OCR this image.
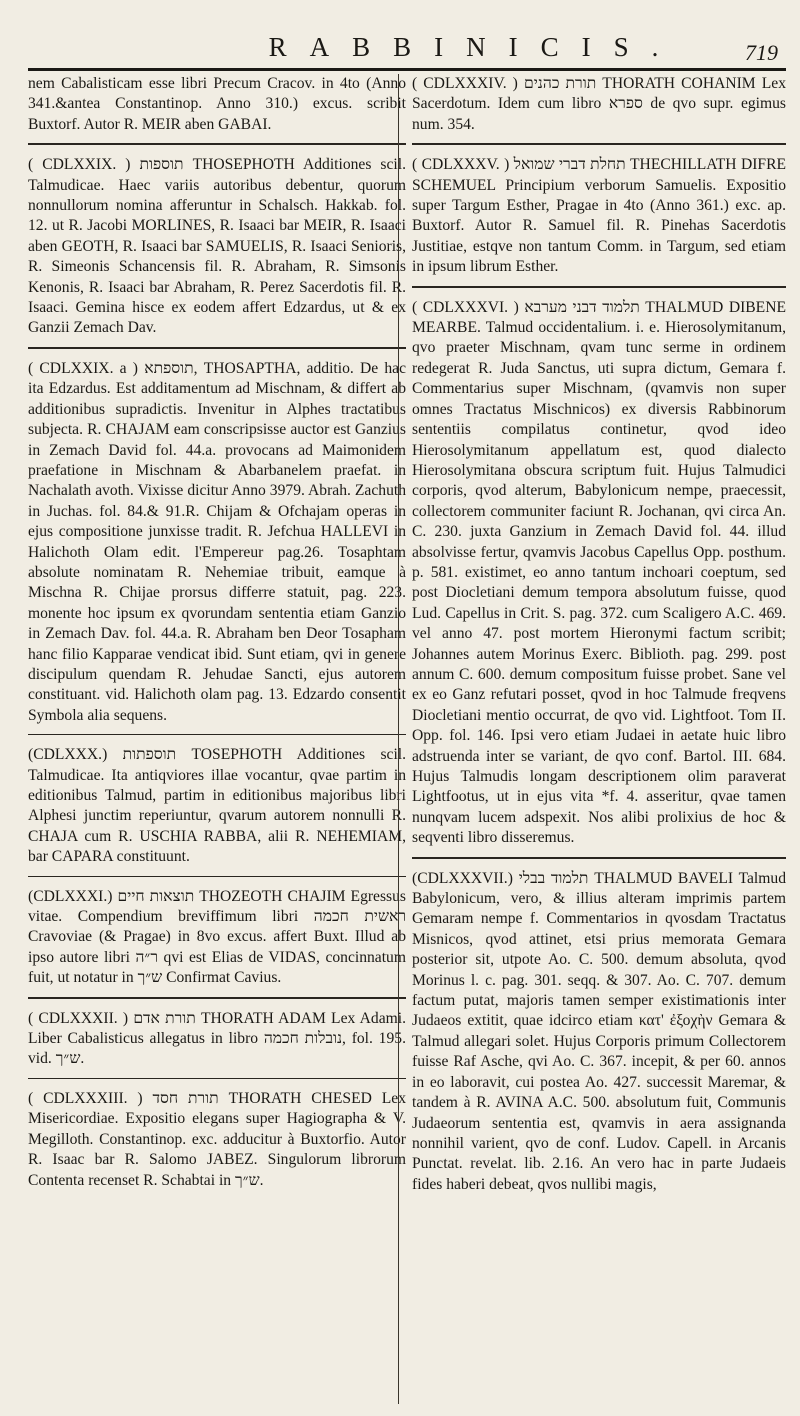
RABBINICIS.	719

nem Cabalisticam esse libri Precum Cracov. in 4to (Anno 341.&antea Constantinop. Anno 310.) excus. scribit Buxtorf. Autor R. MEIR aben GABAI.

( CDLXXIX. ) תוספות THOSEPHOTH Additiones scil. Talmudicae. Haec variis autoribus debentur, quorum nonnullorum nomina afferuntur in Schalsch. Hakkab. fol. 12. ut R. Jacobi MORLINES, R. Isaaci bar MEIR, R. Isaaci aben GEOTH, R. Isaaci bar SAMUELIS, R. Isaaci Senioris, R. Simeonis Schancensis fil. R. Abraham, R. Simsonis Kenonis, R. Isaaci bar Abraham, R. Perez Sacerdotis fil. R. Isaaci. Gemina hisce ex eodem affert Edzardus, ut & ex Ganzii Zemach Dav.

( CDLXXIX. a ) תוספתא, THOSAPTHA, additio. De hac ita Edzardus. Est additamentum ad Mischnam, & differt ab additionibus supradictis. Invenitur in Alphes tractatibus subjecta. R. CHAJAM eam conscripsisse auctor est Ganzius in Zemach David fol. 44.a. provocans ad Maimonidem praefatione in Mischnam & Abarbanelem praefat. in Nachalath avoth. Vixisse dicitur Anno 3979. Abrah. Zachuth in Juchas. fol. 84.& 91.R. Chijam & Ofchajam operas in ejus compositione junxisse tradit. R. Jefchua HALLEVI in Halichoth Olam edit. l'Empereur pag.26. Tosaphtam absolute nominatam R. Nehemiae tribuit, eamque à Mischna R. Chijae prorsus differre statuit, pag. 223. monente hoc ipsum ex qvorundam sententia etiam Ganzio in Zemach Dav. fol. 44.a. R. Abraham ben Deor Tosapham hanc filio Kapparae vendicat ibid. Sunt etiam, qvi in genere discipulum quendam R. Jehudae Sancti, ejus autorem constituant. vid. Halichoth olam pag. 13. Edzardo consentit Symbola alia sequens.

(CDLXXX.) תוספתות TOSEPHOTH Additiones scil. Talmudicae. Ita antiqviores illae vocantur, qvae partim in editionibus Talmud, partim in editionibus majoribus libri Alphesi junctim reperiuntur, qvarum autorem nonnulli R. CHAJA cum R. USCHIA RABBA, alii R. NEHEMIAM, bar CAPARA constituunt.

(CDLXXXI.) תוצאות חיים THOZEOTH CHAJIM Egressus vitae. Compendium breviffimum libri ראשית חכמה Cravoviae (& Pragae) in 8vo excus. affert Buxt. Illud ab ipso autore libri ר״ה qvi est Elias de VIDAS, concinnatum fuit, ut notatur in ש״ך Confirmat Cavius.

( CDLXXXII. ) תורת אדם THORATH ADAM Lex Adami. Liber Cabalisticus allegatus in libro נובלות חכמה, fol. 195. vid. ש״ך.

( CDLXXXIII. ) תורת חסד THORATH CHESED Lex Misericordiae. Expositio elegans super Hagiographa & V. Megilloth. Constantinop. exc. adducitur à Buxtorfio. Autor R. Isaac bar R. Salomo JABEZ. Singulorum librorum Contenta recenset R. Schabtai in ש״ך.

( CDLXXXIV. ) תורת כהנים THORATH COHANIM Lex Sacerdotum. Idem cum libro ספרא de qvo supr. egimus num. 354.

( CDLXXXV. ) תחלת דברי שמואל THECHILLATH DIFRE SCHEMUEL Principium verborum Samuelis. Expositio super Targum Esther, Pragae in 4to (Anno 361.) exc. ap. Buxtorf. Autor R. Samuel fil. R. Pinehas Sacerdotis Justitiae, estqve non tantum Comm. in Targum, sed etiam in ipsum librum Esther.

( CDLXXXVI. ) תלמוד דבני מערבא THALMUD DIBENE MEARBE. Talmud occidentalium. i. e. Hierosolymitanum, qvo praeter Mischnam, qvam tunc serme in ordinem redegerat R. Juda Sanctus, uti supra dictum, Gemara f. Commentarius super Mischnam, (qvamvis non super omnes Tractatus Mischnicos) ex diversis Rabbinorum sententiis compilatus continetur, qvod ideo Hierosolymitanum appellatum est, quod dialecto Hierosolymitana obscura scriptum fuit. Hujus Talmudici corporis, qvod alterum, Babylonicum nempe, praecessit, collectorem communiter faciunt R. Jochanan, qvi circa An. C. 230. juxta Ganzium in Zemach David fol. 44. illud absolvisse fertur, qvamvis Jacobus Capellus Opp. posthum. p. 581. existimet, eo anno tantum inchoari coeptum, sed post Diocletiani demum tempora absolutum fuisse, quod Lud. Capellus in Crit. S. pag. 372. cum Scaligero A.C. 469. vel anno 47. post mortem Hieronymi factum scribit; Johannes autem Morinus Exerc. Biblioth. pag. 299. post annum C. 600. demum compositum fuisse probet. Sane vel ex eo Ganz refutari posset, qvod in hoc Talmude freqvens Diocletiani mentio occurrat, de qvo vid. Lightfoot. Tom II. Opp. fol. 146. Ipsi vero etiam Judaei in aetate huic libro adstruenda inter se variant, de qvo conf. Bartol. III. 684. Hujus Talmudis longam descriptionem olim paraverat Lightfootus, ut in ejus vita *f. 4. asseritur, qvae tamen nunqvam lucem adspexit. Nos alibi prolixius de hoc & seqventi libro disseremus.

(CDLXXXVII.) תלמוד בבלי THALMUD BAVELI Talmud Babylonicum, vero, & illius alteram imprimis partem Gemaram nempe f. Commentarios in qvosdam Tractatus Misnicos, qvod attinet, etsi prius memorata Gemara posterior sit, utpote Ao. C. 500. demum absoluta, qvod Morinus l. c. pag. 301. seqq. & 307. Ao. C. 707. demum factum putat, majoris tamen semper existimationis inter Judaeos extitit, quae idcirco etiam κατ' ἐξοχὴν Gemara & Talmud allegari solet. Hujus Corporis primum Collectorem fuisse Raf Asche, qvi Ao. C. 367. incepit, & per 60. annos in eo laboravit, cui postea Ao. 427. successit Maremar, & tandem à R. AVINA A.C. 500. absolutum fuit, Communis Judaeorum sententia est, qvamvis in aera assignanda nonnihil varient, qvo de conf. Ludov. Capell. in Arcanis Punctat. revelat. lib. 2.16. An vero hac in parte Judaeis fides haberi debeat, qvos nullibi magis,
